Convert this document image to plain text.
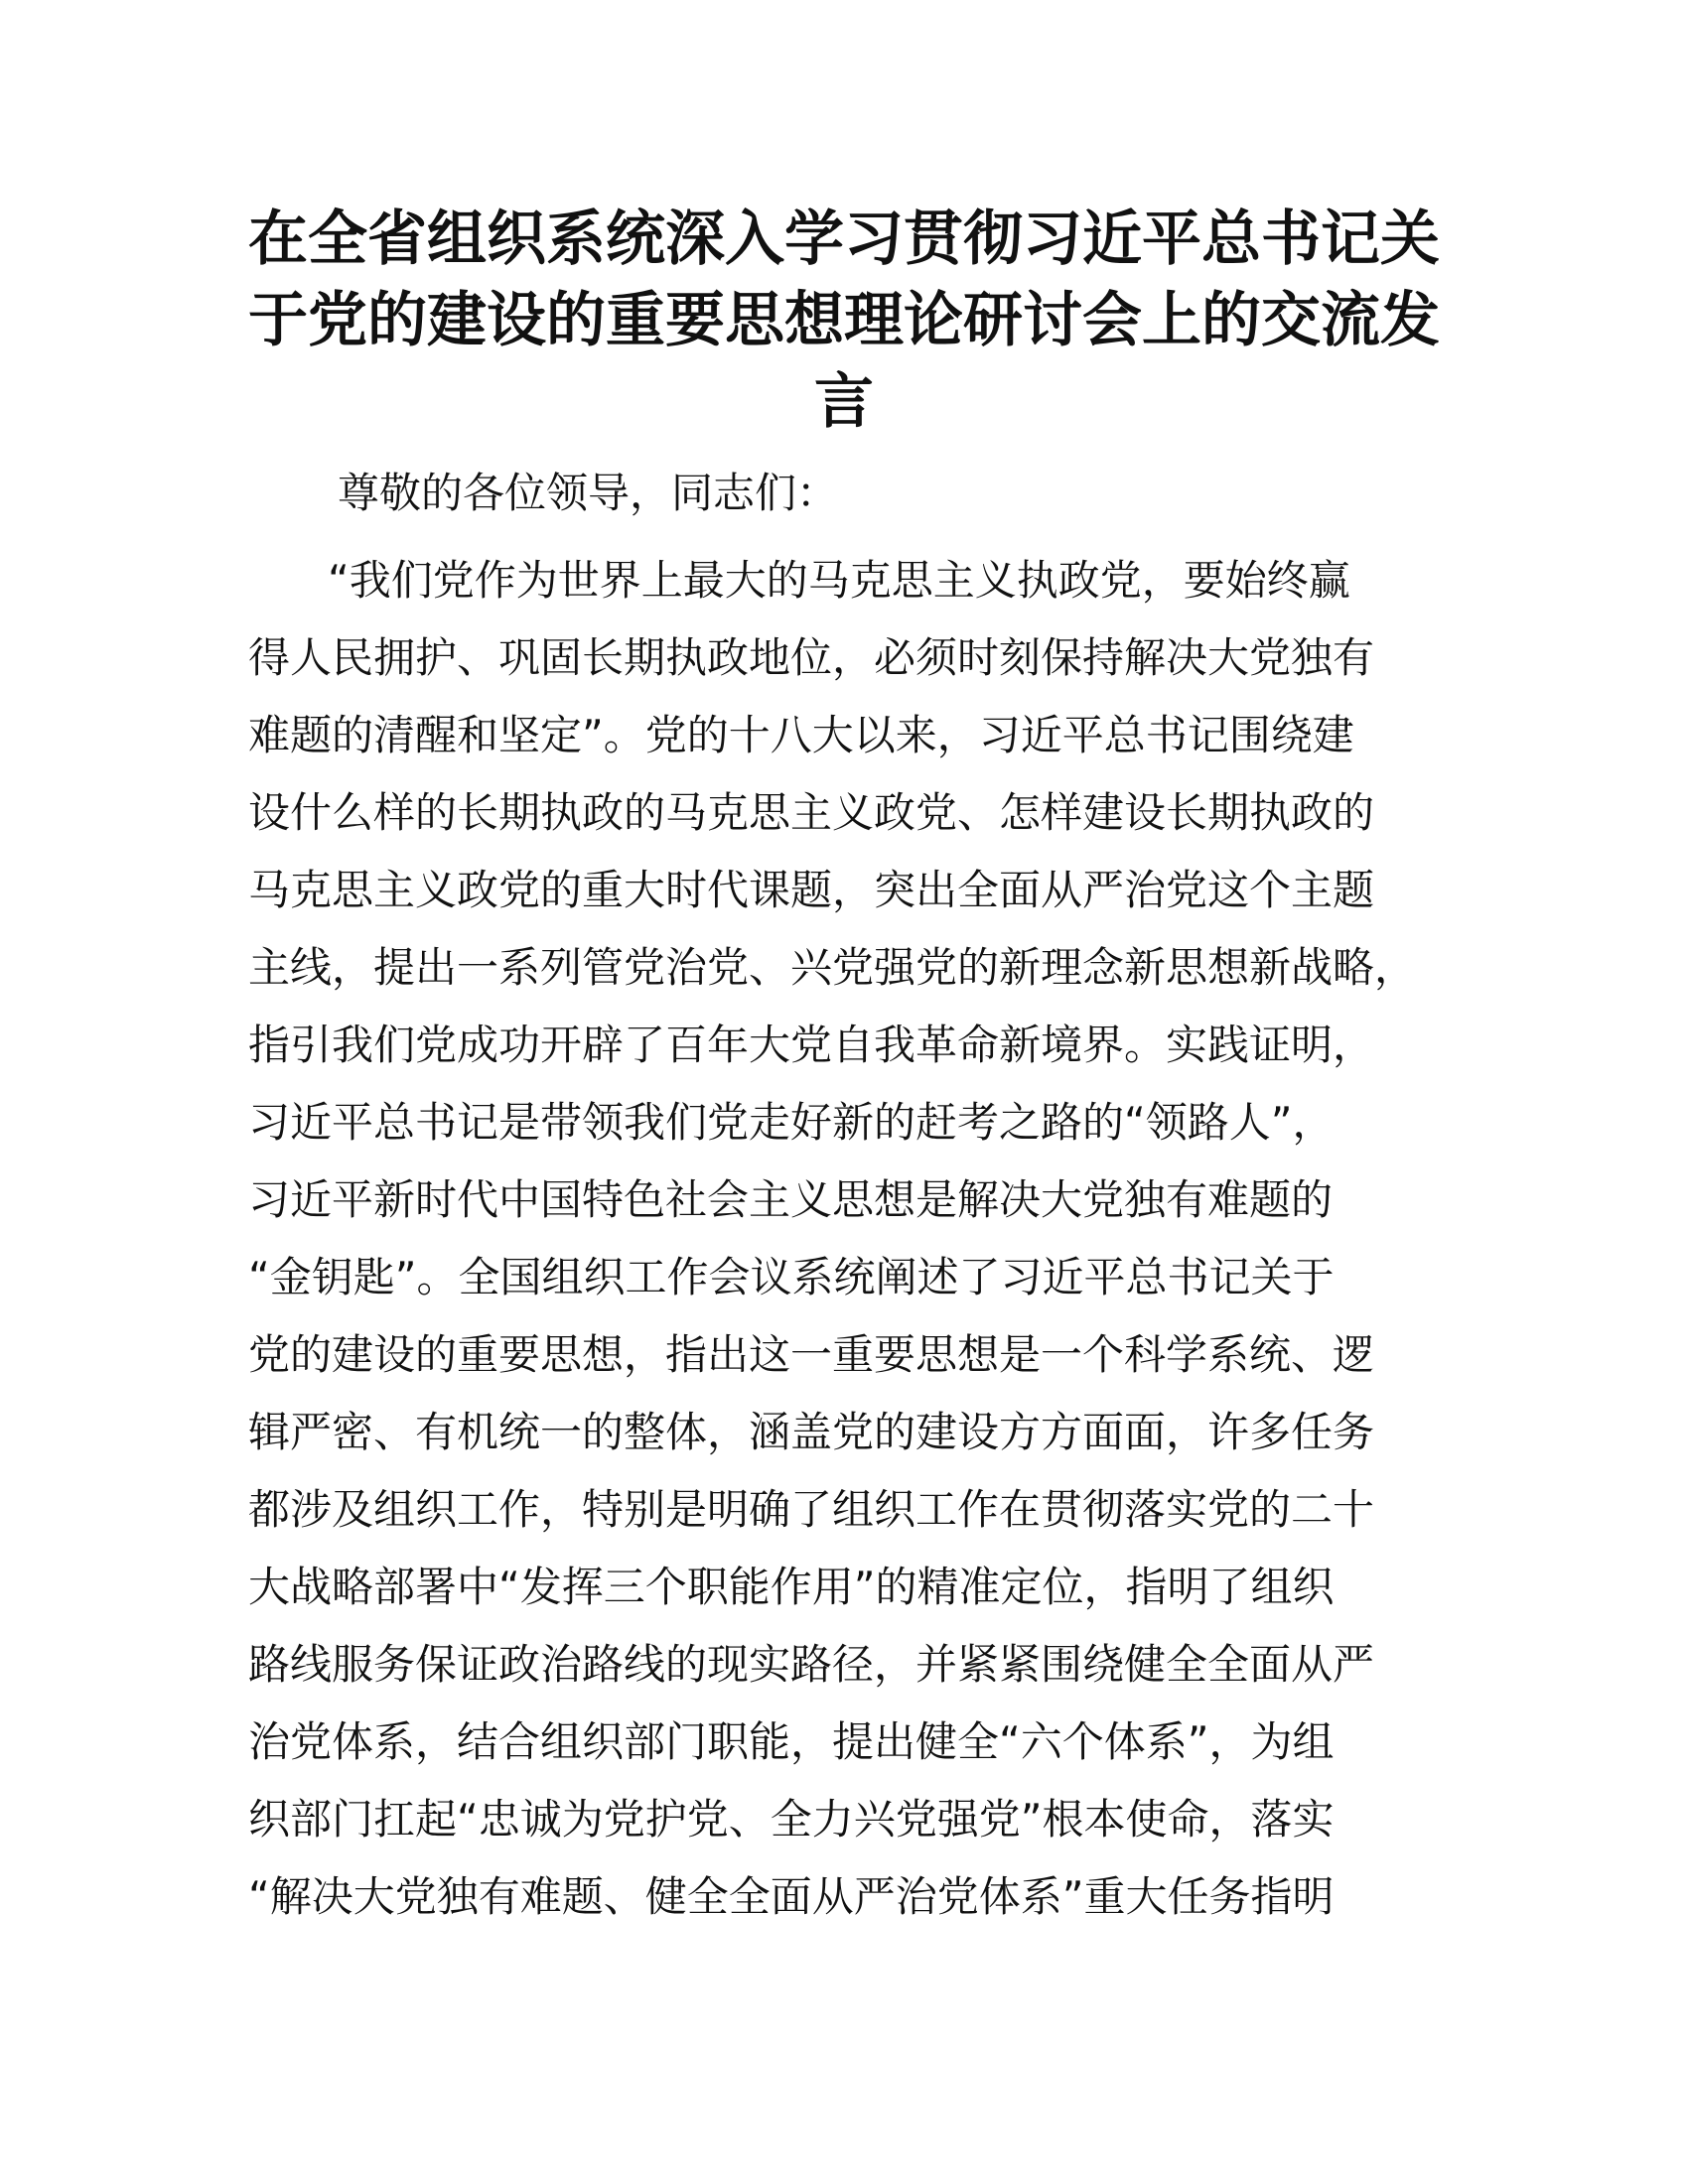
在全省组织系统深入学习贯彻习近平总书记关
于党的建设的重要思想理论研讨会上的交流发
言

尊敬的各位领导，同志们：

“我们党作为世界上最大的马克思主义执政党，要始终赢
得人民拥护、巩固长期执政地位，必须时刻保持解决大党独有
难题的清醒和坚定”。党的十八大以来，习近平总书记围绕建
设什么样的长期执政的马克思主义政党、怎样建设长期执政的
马克思主义政党的重大时代课题，突出全面从严治党这个主题
主线，提出一系列管党治党、兴党强党的新理念新思想新战略，
指引我们党成功开辟了百年大党自我革命新境界。实践证明，
习近平总书记是带领我们党走好新的赶考之路的“领路人”，
习近平新时代中国特色社会主义思想是解决大党独有难题的
“金钥匙”。全国组织工作会议系统阐述了习近平总书记关于
党的建设的重要思想，指出这一重要思想是一个科学系统、逻
辑严密、有机统一的整体，涵盖党的建设方方面面，许多任务
都涉及组织工作，特别是明确了组织工作在贯彻落实党的二十
大战略部署中“发挥三个职能作用”的精准定位，指明了组织
路线服务保证政治路线的现实路径，并紧紧围绕健全全面从严
治党体系，结合组织部门职能，提出健全“六个体系”，为组
织部门扛起“忠诚为党护党、全力兴党强党”根本使命，落实
“解决大党独有难题、健全全面从严治党体系”重大任务指明
